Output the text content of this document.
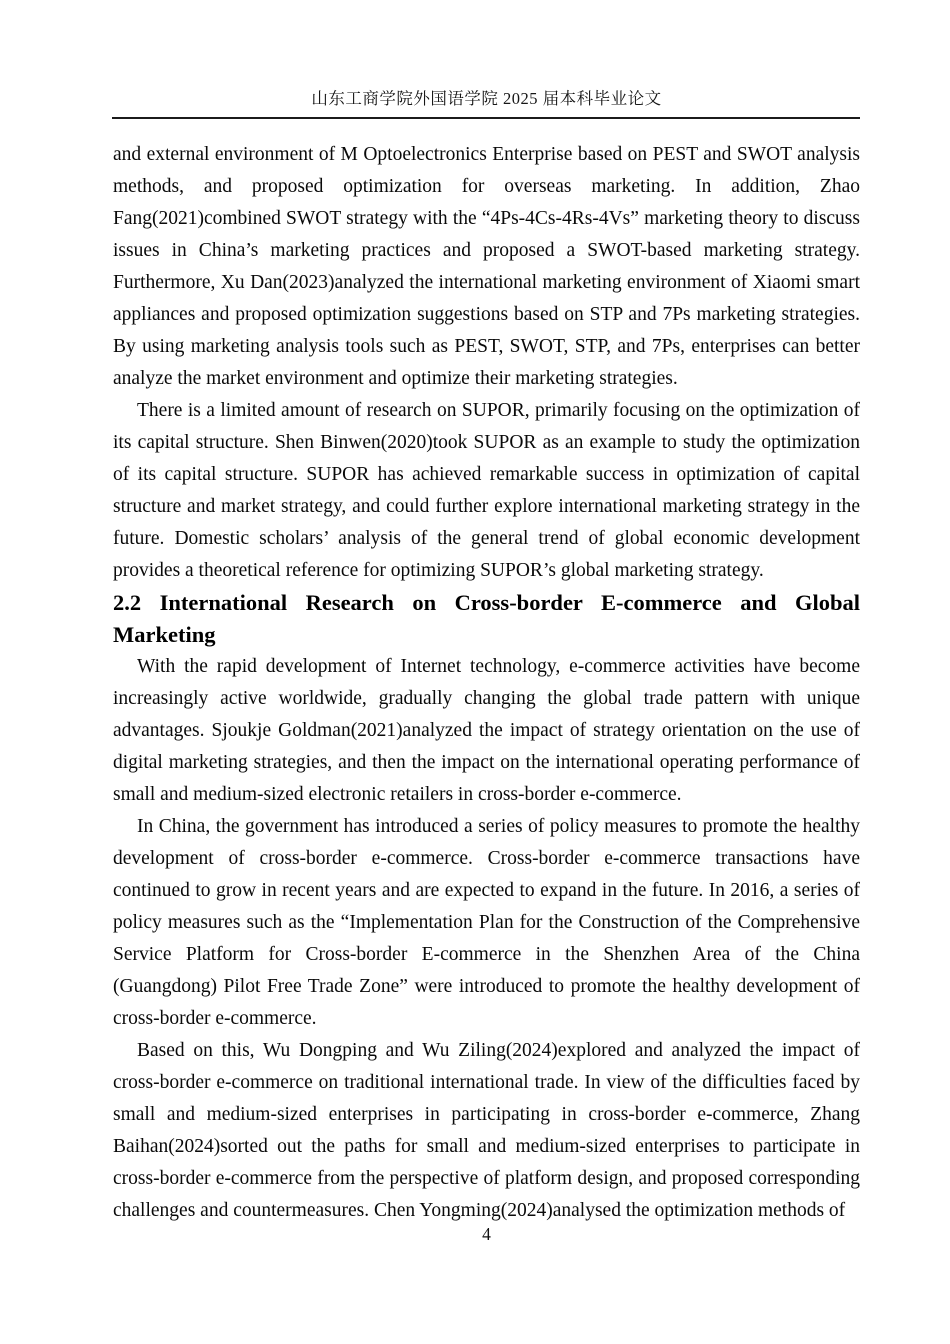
山东工商学院外国语学院 2025 届本科毕业论文

and external environment of M Optoelectronics Enterprise based on PEST and SWOT analysis methods, and proposed optimization for overseas marketing. In addition, Zhao Fang(2021)combined SWOT strategy with the “4Ps-4Cs-4Rs-4Vs” marketing theory to discuss issues in China’s marketing practices and proposed a SWOT-based marketing strategy. Furthermore, Xu Dan(2023)analyzed the international marketing environment of Xiaomi smart appliances and proposed optimization suggestions based on STP and 7Ps marketing strategies. By using marketing analysis tools such as PEST, SWOT, STP, and 7Ps, enterprises can better analyze the market environment and optimize their marketing strategies.

There is a limited amount of research on SUPOR, primarily focusing on the optimization of its capital structure. Shen Binwen(2020)took SUPOR as an example to study the optimization of its capital structure. SUPOR has achieved remarkable success in optimization of capital structure and market strategy, and could further explore international marketing strategy in the future. Domestic scholars’ analysis of the general trend of global economic development provides a theoretical reference for optimizing SUPOR’s global marketing strategy.

2.2 International Research on Cross-border E-commerce and Global Marketing

With the rapid development of Internet technology, e-commerce activities have become increasingly active worldwide, gradually changing the global trade pattern with unique advantages. Sjoukje Goldman(2021)analyzed the impact of strategy orientation on the use of digital marketing strategies, and then the impact on the international operating performance of small and medium-sized electronic retailers in cross-border e-commerce.

In China, the government has introduced a series of policy measures to promote the healthy development of cross-border e-commerce. Cross-border e-commerce transactions have continued to grow in recent years and are expected to expand in the future. In 2016, a series of policy measures such as the “Implementation Plan for the Construction of the Comprehensive Service Platform for Cross-border E-commerce in the Shenzhen Area of the China (Guangdong) Pilot Free Trade Zone” were introduced to promote the healthy development of cross-border e-commerce.

Based on this, Wu Dongping and Wu Ziling(2024)explored and analyzed the impact of cross-border e-commerce on traditional international trade. In view of the difficulties faced by small and medium-sized enterprises in participating in cross-border e-commerce, Zhang Baihan(2024)sorted out the paths for small and medium-sized enterprises to participate in cross-border e-commerce from the perspective of platform design, and proposed corresponding challenges and countermeasures. Chen Yongming(2024)analysed the optimization methods of

4
